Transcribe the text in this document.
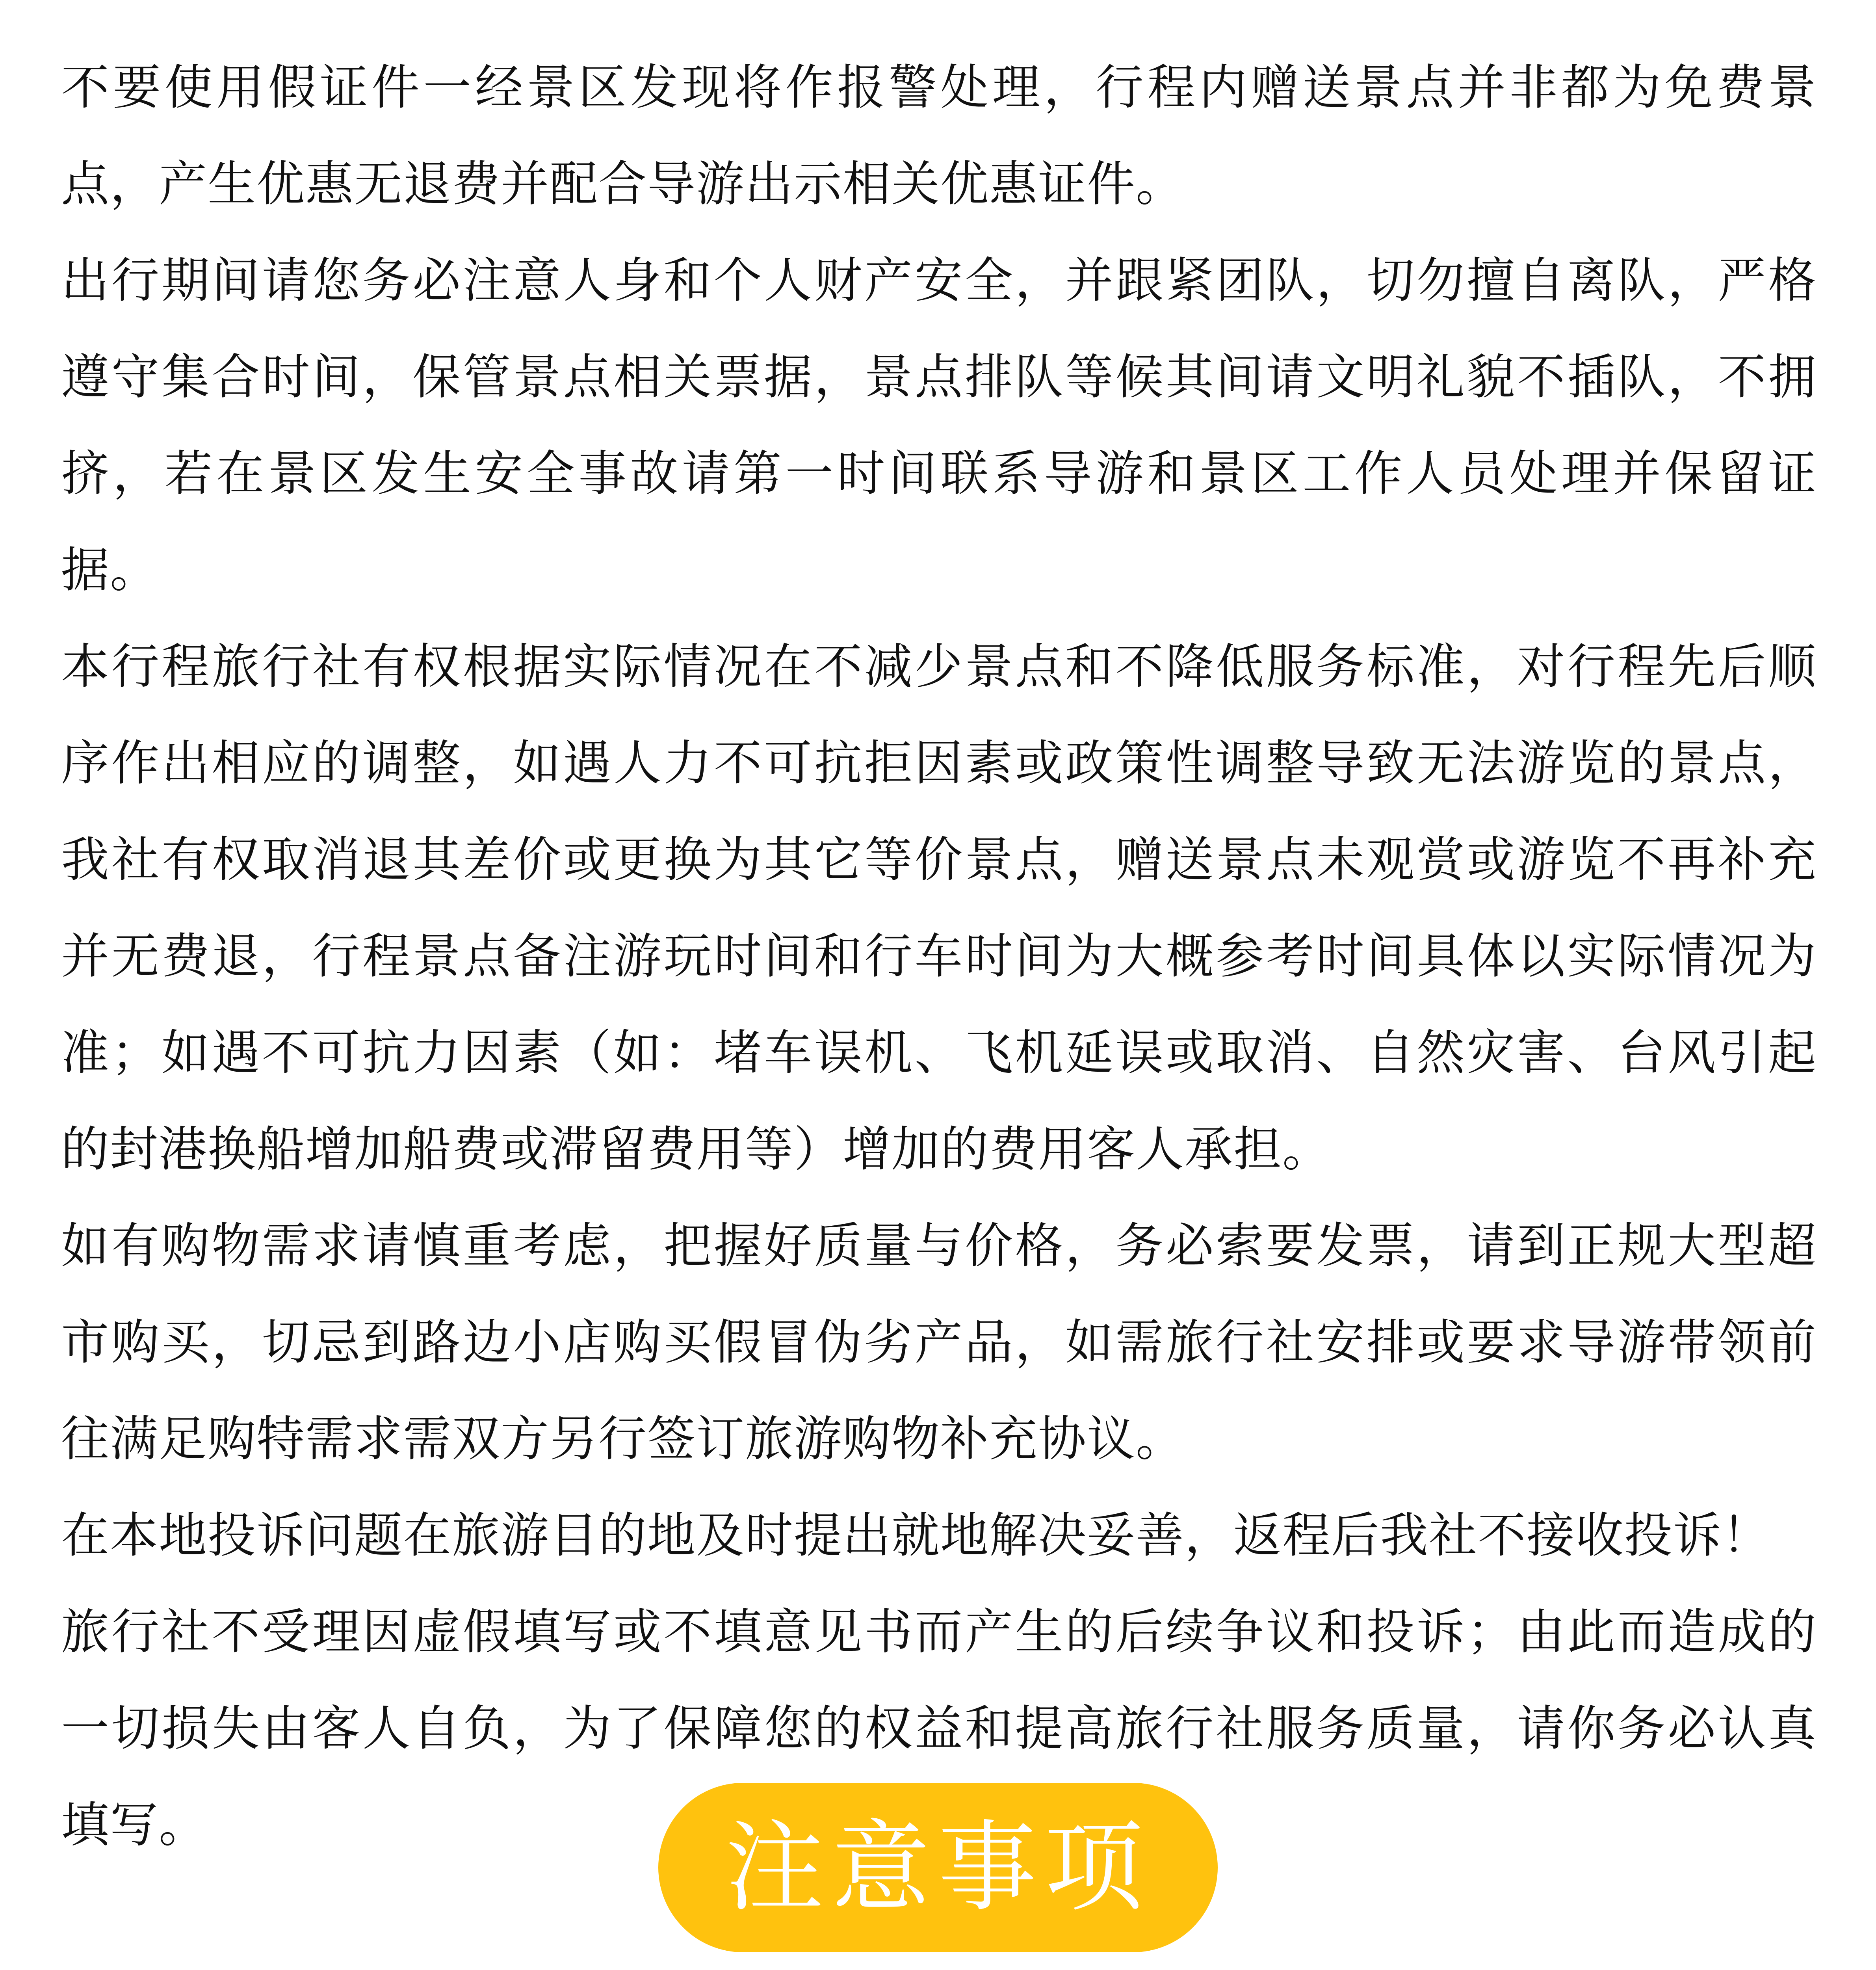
不要使用假证件一经景区发现将作报警处理，行程内赠送景点并非都为免费景点，产生优惠无退费并配合导游出示相关优惠证件。

出行期间请您务必注意人身和个人财产安全，并跟紧团队，切勿擅自离队，严格遵守集合时间，保管景点相关票据，景点排队等候其间请文明礼貌不插队，不拥挤，若在景区发生安全事故请第一时间联系导游和景区工作人员处理并保留证据。

本行程旅行社有权根据实际情况在不减少景点和不降低服务标准，对行程先后顺序作出相应的调整，如遇人力不可抗拒因素或政策性调整导致无法游览的景点，我社有权取消退其差价或更换为其它等价景点，赠送景点未观赏或游览不再补充并无费退，行程景点备注游玩时间和行车时间为大概参考时间具体以实际情况为准；如遇不可抗力因素（如：堵车误机、飞机延误或取消、自然灾害、台风引起的封港换船增加船费或滞留费用等）增加的费用客人承担。

如有购物需求请慎重考虑，把握好质量与价格，务必索要发票，请到正规大型超市购买，切忌到路边小店购买假冒伪劣产品，如需旅行社安排或要求导游带领前往满足购特需求需双方另行签订旅游购物补充协议。

在本地投诉问题在旅游目的地及时提出就地解决妥善，返程后我社不接收投诉！

旅行社不受理因虚假填写或不填意见书而产生的后续争议和投诉；由此而造成的一切损失由客人自负，为了保障您的权益和提高旅行社服务质量，请你务必认真填写。	注意事项
